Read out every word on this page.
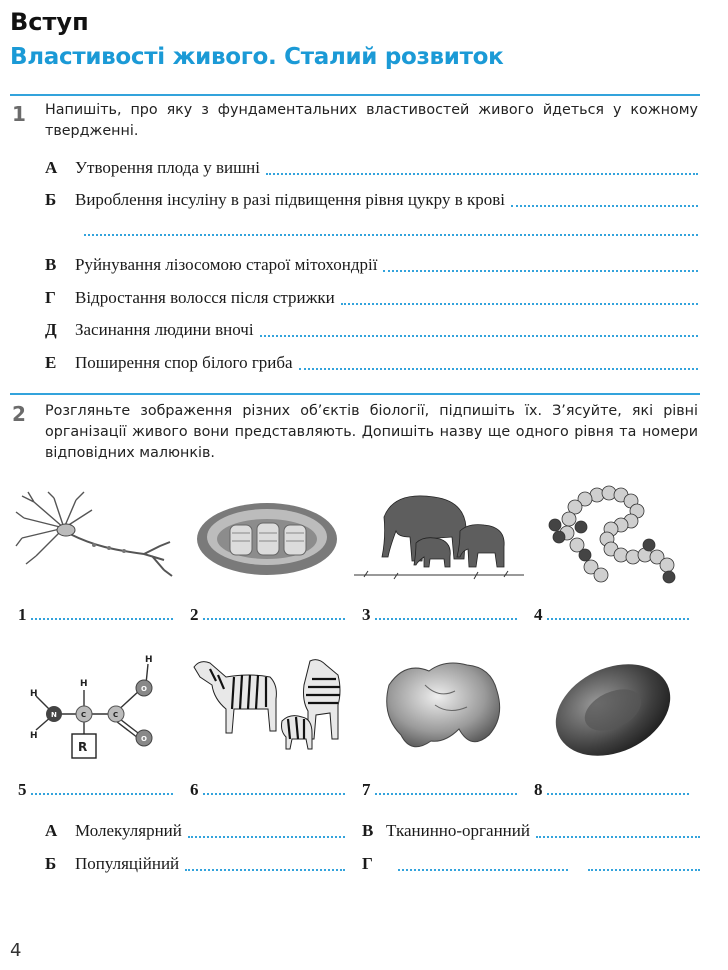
Вступ
Властивості живого. Сталий розвиток
1 Напишіть, про яку з фундаментальних властивостей живого йдеться у кожному твердженні.
А	Утворення плода у вишні
Б	Вироблення інсуліну в разі підвищення рівня цукру в крові
В	Руйнування лізосомою старої мітохондрії
Г	Відростання волосся після стрижки
Д	Засинання людини вночі
Е	Поширення спор білого гриба
2 Розгляньте зображення різних об’єктів біології, підпишіть їх. З’ясуйте, які рівні організації живого вони представляють. Допишіть назву ще одного рівня та номери відповідних малюнків.
1	2	3	4
H
H
H
H
N	C	C
O
O
R
5	6	7	8
А	Молекулярний	В Тканинно-органний
Б	Популяційний	Г
4
